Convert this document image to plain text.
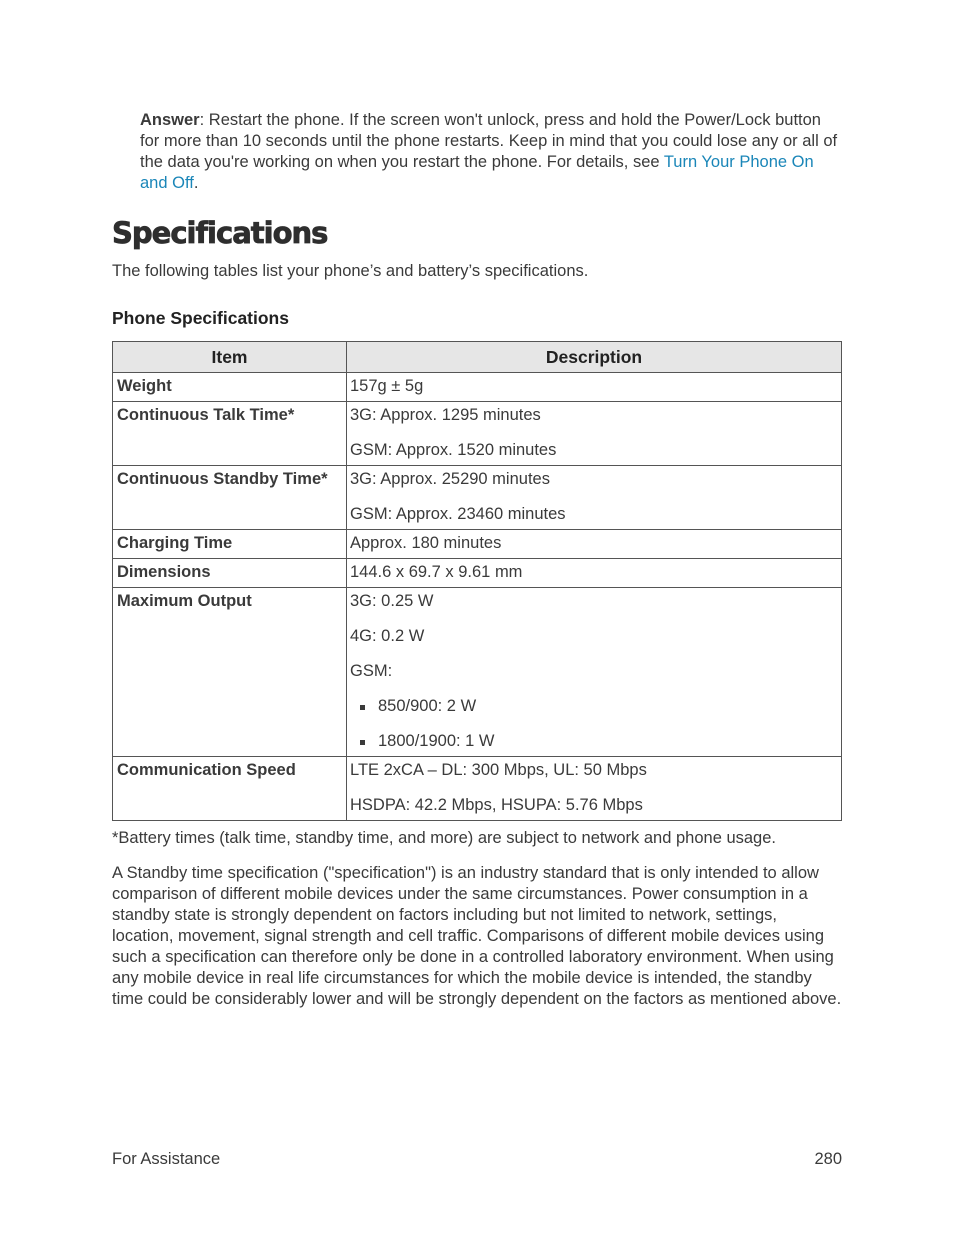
Answer: Restart the phone. If the screen won't unlock, press and hold the Power/Lock button for more than 10 seconds until the phone restarts. Keep in mind that you could lose any or all of the data you're working on when you restart the phone. For details, see Turn Your Phone On and Off.
Specifications
The following tables list your phone’s and battery’s specifications.
Phone Specifications
Item	Description
Weight	157g ± 5g

Continuous Talk Time*	3G: Approx. 1295 minutes
GSM: Approx. 1520 minutes

Continuous Standby Time*	3G: Approx. 25290 minutes
GSM: Approx. 23460 minutes

Charging Time	Approx. 180 minutes

Dimensions	144.6 x 69.7 x 9.61 mm

Maximum Output	3G: 0.25 W
4G: 0.2 W
GSM:
850/900: 2 W
1800/1900: 1 W

Communication Speed	LTE 2xCA – DL: 300 Mbps, UL: 50 Mbps
HSDPA: 42.2 Mbps, HSUPA: 5.76 Mbps
*Battery times (talk time, standby time, and more) are subject to network and phone usage.
A Standby time specification ("specification") is an industry standard that is only intended to allow comparison of different mobile devices under the same circumstances. Power consumption in a standby state is strongly dependent on factors including but not limited to network, settings, location, movement, signal strength and cell traffic. Comparisons of different mobile devices using such a specification can therefore only be done in a controlled laboratory environment. When using any mobile device in real life circumstances for which the mobile device is intended, the standby time could be considerably lower and will be strongly dependent on the factors as mentioned above.
For Assistance	280
